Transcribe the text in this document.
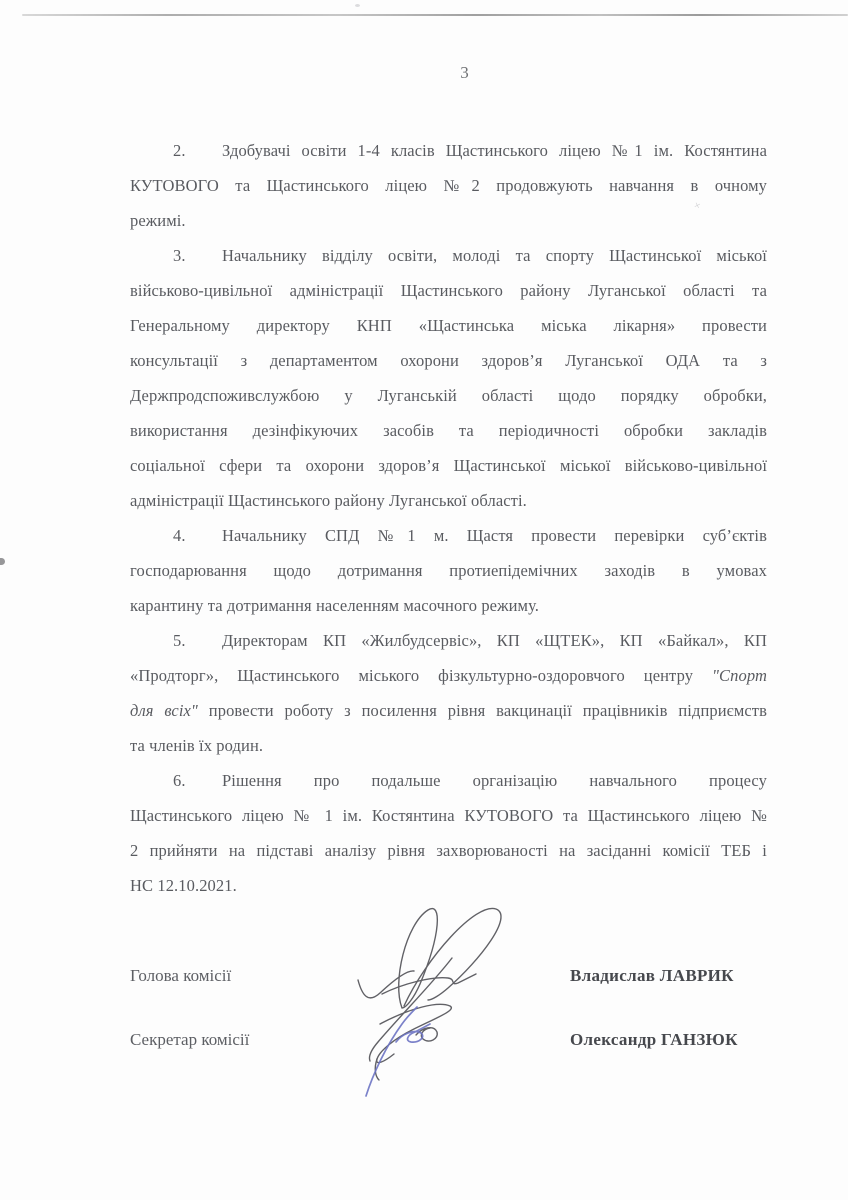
×
3
2. Здобувачі освіти 1-4 класів Щастинського ліцею №1 ім. Костянтина
КУТОВОГО та Щастинського ліцею №2 продовжують навчання в очному
режимі.
3. Начальнику відділу освіти, молоді та спорту Щастинської міської
військово-цивільної адміністрації Щастинського району Луганської області та
Генеральному директору КНП «Щастинська міська лікарня» провести
консультації з департаментом охорони здоров’я Луганської ОДА та з
Держпродспоживслужбою у Луганській області щодо порядку обробки,
використання дезінфікуючих засобів та періодичності обробки закладів
соціальної сфери та охорони здоров’я Щастинської міської військово-цивільної
адміністрації Щастинського району Луганської області.
4. Начальнику СПД №1 м. Щастя провести перевірки суб’єктів
господарювання щодо дотримання протиепідемічних заходів в умовах
карантину та дотримання населенням масочного режиму.
5. Директорам КП «Жилбудсервіс», КП «ЩТЕК», КП «Байкал», КП
«Продторг», Щастинського міського фізкультурно-оздоровчого центру "Спорт
для всіх" провести роботу з посилення рівня вакцинації працівників підприємств
та членів їх родин.
6. Рішення про подальше організацію навчального процесу
Щастинського ліцею № 1 ім. Костянтина КУТОВОГО та Щастинського ліцею №
2 прийняти на підставі аналізу рівня захворюваності на засіданні комісії ТЕБ і
НС 12.10.2021.
Голова комісії	Владислав ЛАВРИК
Секретар комісії	Олександр ГАНЗЮК
